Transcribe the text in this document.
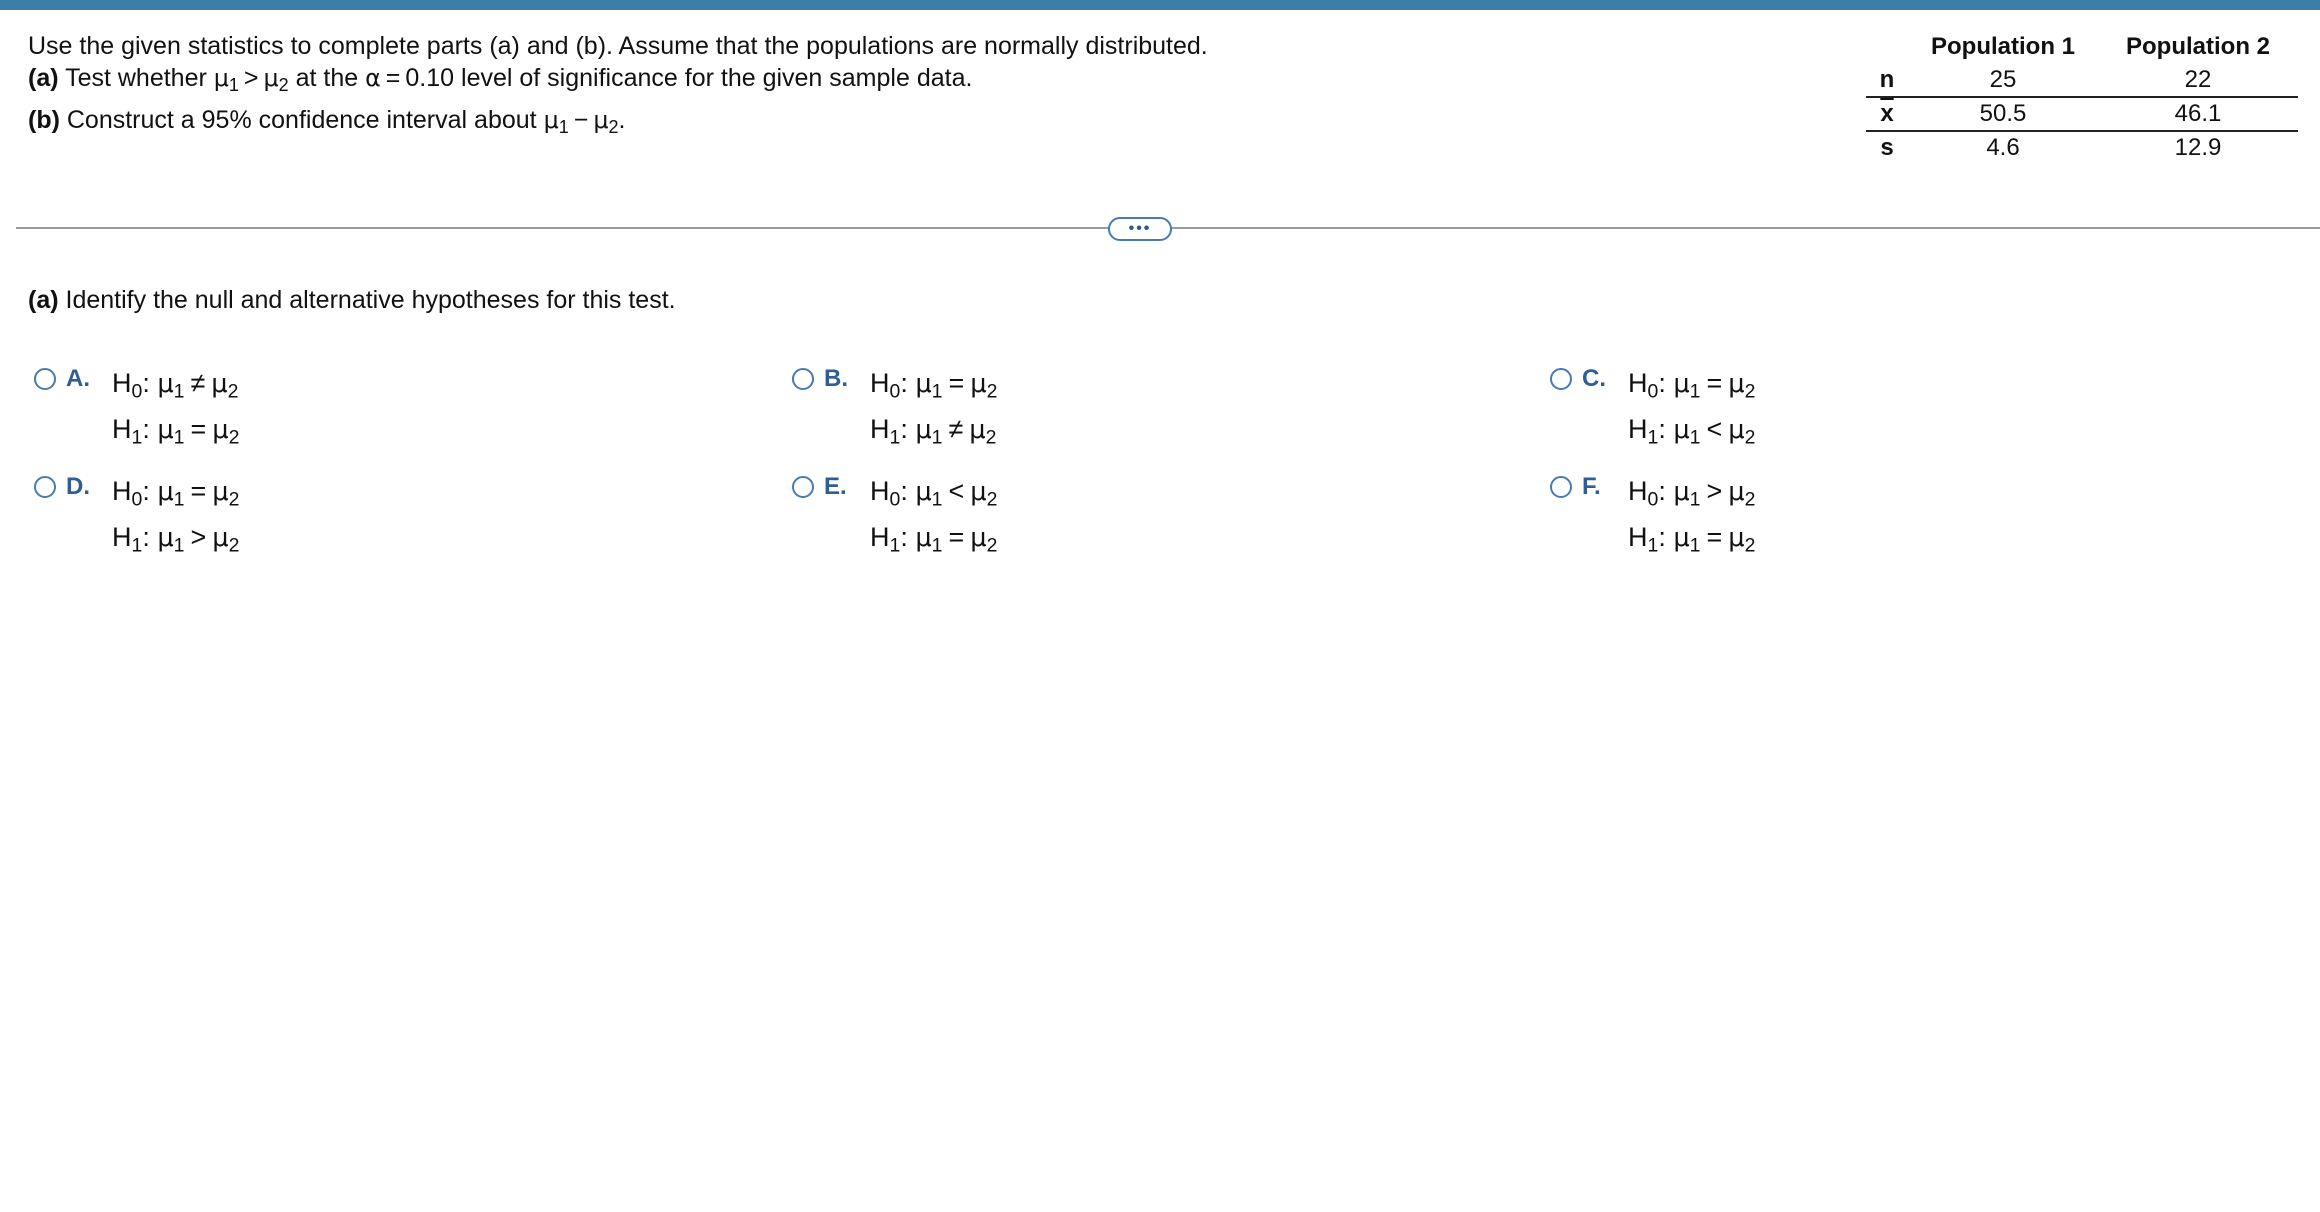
Use the given statistics to complete parts (a) and (b). Assume that the populations are normally distributed.
(a) Test whether $\mu_1 > \mu_2$ at the α = 0.10 level of significance for the given sample data.
(b) Construct a 95% confidence interval about $\mu_1 - \mu_2$.
	Population 1	Population 2
n	25	22
$\overline{x}$	50.5	46.1
s	4.6	12.9
•••
(a) Identify the null and alternative hypotheses for this test.
A. $H_0$: $\mu_1 \ne \mu_2$
$H_1$: $\mu_1 = \mu_2$
B. $H_0$: $\mu_1 = \mu_2$
$H_1$: $\mu_1 \ne \mu_2$
C. $H_0$: $\mu_1 = \mu_2$
$H_1$: $\mu_1 < \mu_2$
D. $H_0$: $\mu_1 = \mu_2$
$H_1$: $\mu_1 > \mu_2$
E. $H_0$: $\mu_1 < \mu_2$
$H_1$: $\mu_1 = \mu_2$
F.	$H_0$: $\mu_1 > \mu_2$
$H_1$: $\mu_1 = \mu_2$
